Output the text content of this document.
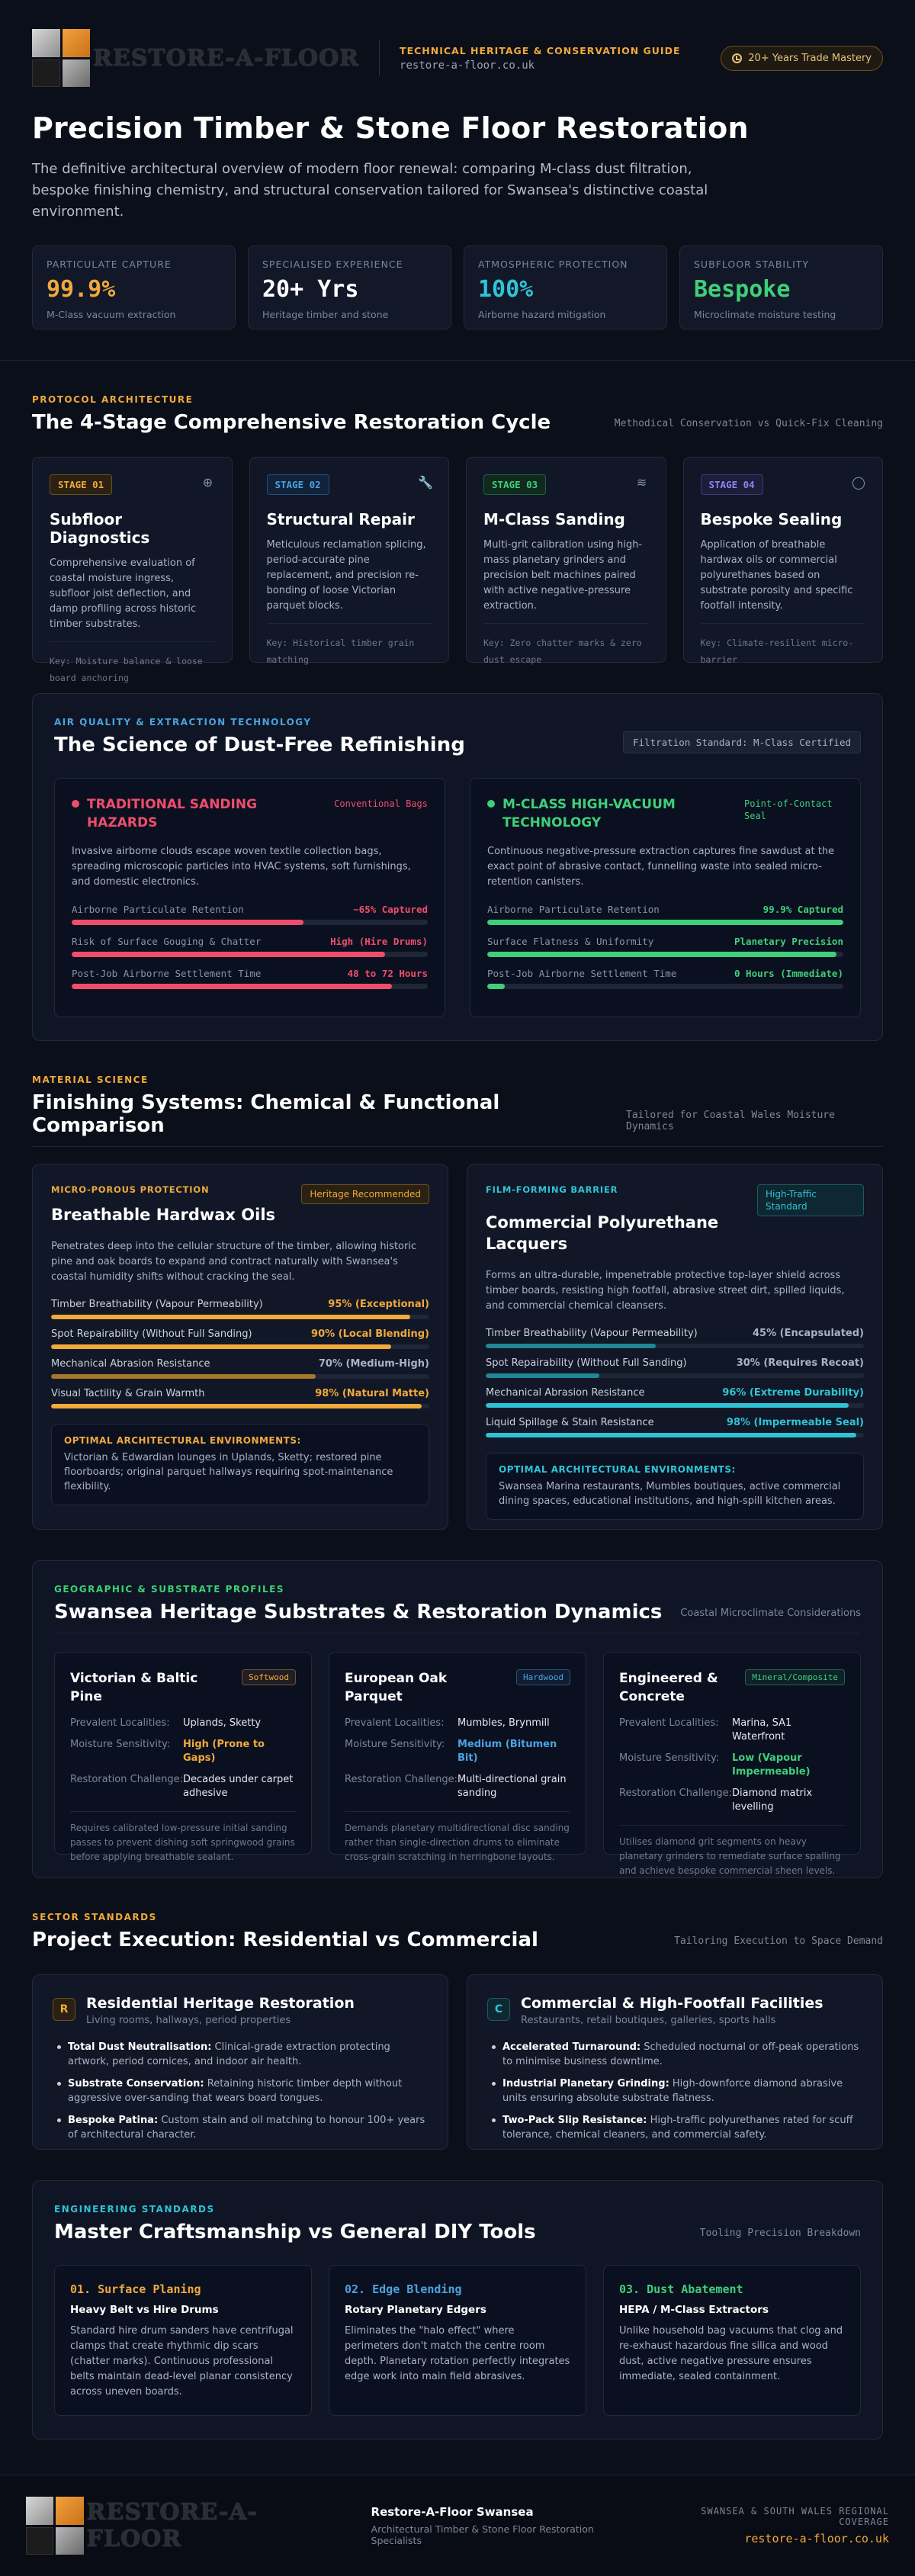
RESTORE-A-FLOOR	TECHNICAL HERITAGE & CONSERVATION GUIDE
restore-a-floor.co.uk
20+ Years Trade Mastery
Precision Timber & Stone Floor Restoration

The definitive architectural overview of modern floor renewal: comparing M-class dust filtration, bespoke finishing chemistry, and structural conservation tailored for Swansea's distinctive coastal environment.

PARTICULATE CAPTURE
99.9%
M-Class vacuum extraction
SPECIALISED EXPERIENCE
20+ Yrs
Heritage timber and stone
ATMOSPHERIC PROTECTION
100%
Airborne hazard mitigation
SUBFLOOR STABILITY
Bespoke
Microclimate moisture testing
PROTOCOL ARCHITECTURE
The 4-Stage Comprehensive Restoration Cycle	Methodical Conservation vs Quick-Fix Cleaning
STAGE 01	⊕
Subfloor Diagnostics

Comprehensive evaluation of coastal moisture ingress, subfloor joist deflection, and damp profiling across historic timber substrates.

Key: Moisture balance & loose board anchoring
STAGE 02	🔧
Structural Repair

Meticulous reclamation splicing, period-accurate pine replacement, and precision re-bonding of loose Victorian parquet blocks.

Key: Historical timber grain matching
STAGE 03	≋
M-Class Sanding

Multi-grit calibration using high-mass planetary grinders and precision belt machines paired with active negative-pressure extraction.

Key: Zero chatter marks & zero dust escape
STAGE 04	◯
Bespoke Sealing

Application of breathable hardwax oils or commercial polyurethanes based on substrate porosity and specific footfall intensity.

Key: Climate-resilient micro-barrier
AIR QUALITY & EXTRACTION TECHNOLOGY
The Science of Dust-Free Refinishing	Filtration Standard: M-Class Certified
TRADITIONAL SANDING HAZARDS
Conventional Bags
Invasive airborne clouds escape woven textile collection bags, spreading microscopic particles into HVAC systems, soft furnishings, and domestic electronics.
Airborne Particulate Retention	~65% Captured
Risk of Surface Gouging & Chatter	High (Hire Drums)
Post-Job Airborne Settlement Time	48 to 72 Hours
M-CLASS HIGH-VACUUM TECHNOLOGY
Point-of-Contact Seal
Continuous negative-pressure extraction captures fine sawdust at the exact point of abrasive contact, funnelling waste into sealed micro-retention canisters.
Airborne Particulate Retention	99.9% Captured
Surface Flatness & Uniformity	Planetary Precision
Post-Job Airborne Settlement Time	0 Hours (Immediate)
MATERIAL SCIENCE
Finishing Systems: Chemical & Functional Comparison	Tailored for Coastal Wales Moisture Dynamics
MICRO-POROUS PROTECTION	Heritage Recommended
Breathable Hardwax Oils
Penetrates deep into the cellular structure of the timber, allowing historic pine and oak boards to expand and contract naturally with Swansea's coastal humidity shifts without cracking the seal.
Timber Breathability (Vapour Permeability)	95% (Exceptional)
Spot Repairability (Without Full Sanding)	90% (Local Blending)
Mechanical Abrasion Resistance	70% (Medium-High)
Visual Tactility & Grain Warmth	98% (Natural Matte)
OPTIMAL ARCHITECTURAL ENVIRONMENTS:
Victorian & Edwardian lounges in Uplands, Sketty; restored pine floorboards; original parquet hallways requiring spot-maintenance flexibility.
FILM-FORMING BARRIER	High-Traffic Standard
Commercial Polyurethane Lacquers
Forms an ultra-durable, impenetrable protective top-layer shield across timber boards, resisting high footfall, abrasive street dirt, spilled liquids, and commercial chemical cleansers.
Timber Breathability (Vapour Permeability)	45% (Encapsulated)
Spot Repairability (Without Full Sanding)	30% (Requires Recoat)
Mechanical Abrasion Resistance	96% (Extreme Durability)
Liquid Spillage & Stain Resistance	98% (Impermeable Seal)
OPTIMAL ARCHITECTURAL ENVIRONMENTS:
Swansea Marina restaurants, Mumbles boutiques, active commercial dining spaces, educational institutions, and high-spill kitchen areas.
GEOGRAPHIC & SUBSTRATE PROFILES
Swansea Heritage Substrates & Restoration Dynamics Coastal Microclimate Considerations
Victorian & Baltic Pine
Softwood
Prevalent Localities:	Uplands, Sketty
Moisture Sensitivity:	High (Prone to Gaps)
Restoration Challenge: Decades under carpet adhesive
Requires calibrated low-pressure initial sanding passes to prevent dishing soft springwood grains before applying breathable sealant.
European Oak Parquet
Hardwood
Prevalent Localities:	Mumbles, Brynmill
Moisture Sensitivity:	Medium (Bitumen Bit)
Restoration Challenge: Multi-directional grain sanding
Demands planetary multidirectional disc sanding rather than single-direction drums to eliminate cross-grain scratching in herringbone layouts.
Engineered & Concrete
Mineral/Composite
Prevalent Localities:	Marina, SA1 Waterfront
Moisture Sensitivity:	Low (Vapour Impermeable)
Restoration Challenge: Diamond matrix levelling
Utilises diamond grit segments on heavy planetary grinders to remediate surface spalling and achieve bespoke commercial sheen levels.
SECTOR STANDARDS
Project Execution: Residential vs Commercial	Tailoring Execution to Space Demand
R	Residential Heritage Restoration
Living rooms, hallways, period properties
Total Dust Neutralisation: Clinical-grade extraction protecting artwork, period cornices, and indoor air health.
Substrate Conservation: Retaining historic timber depth without aggressive over-sanding that wears board tongues.
Bespoke Patina: Custom stain and oil matching to honour 100+ years of architectural character.
C	Commercial & High-Footfall Facilities
Restaurants, retail boutiques, galleries, sports halls
Accelerated Turnaround: Scheduled nocturnal or off-peak operations to minimise business downtime.
Industrial Planetary Grinding: High-downforce diamond abrasive units ensuring absolute substrate flatness.
Two-Pack Slip Resistance: High-traffic polyurethanes rated for scuff tolerance, chemical cleaners, and commercial safety.
ENGINEERING STANDARDS
Master Craftsmanship vs General DIY Tools	Tooling Precision Breakdown
01. Surface Planing
Heavy Belt vs Hire Drums
Standard hire drum sanders have centrifugal clamps that create rhythmic dip scars (chatter marks). Continuous professional belts maintain dead-level planar consistency across uneven boards.
02. Edge Blending
Rotary Planetary Edgers
Eliminates the "halo effect" where perimeters don't match the centre room depth. Planetary rotation perfectly integrates edge work into main field abrasives.
03. Dust Abatement
HEPA / M-Class Extractors
Unlike household bag vacuums that clog and re-exhaust hazardous fine silica and wood dust, active negative pressure ensures immediate, sealed containment.
RESTORE-A-FLOOR
Restore-A-Floor Swansea
Architectural Timber & Stone Floor Restoration Specialists
SWANSEA & SOUTH WALES REGIONAL COVERAGE
restore-a-floor.co.uk
